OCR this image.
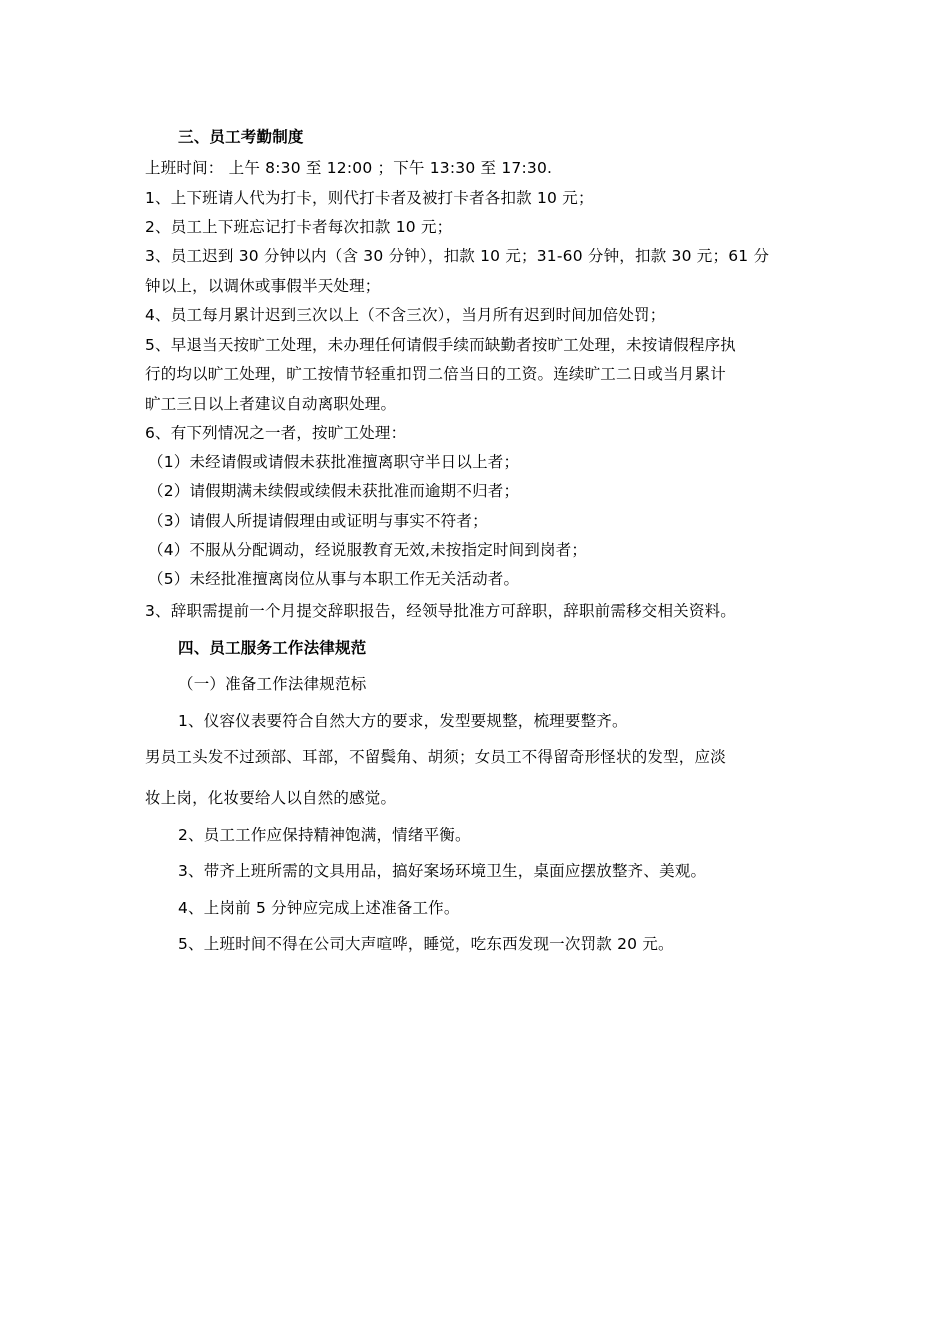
三、员工考勤制度
上班时间： 上午 8:30 至 12:00 ；下午 13:30 至 17:30.
1、上下班请人代为打卡，则代打卡者及被打卡者各扣款 10 元；
2、员工上下班忘记打卡者每次扣款 10 元；
3、员工迟到 30 分钟以内（含 30 分钟），扣款 10 元；31-60 分钟，扣款 30 元；61 分
钟以上，以调休或事假半天处理；
4、员工每月累计迟到三次以上（不含三次），当月所有迟到时间加倍处罚；
5、早退当天按旷工处理，未办理任何请假手续而缺勤者按旷工处理，未按请假程序执
行的均以旷工处理，旷工按情节轻重扣罚二倍当日的工资。连续旷工二日或当月累计
旷工三日以上者建议自动离职处理。
6、有下列情况之一者，按旷工处理：
（1）未经请假或请假未获批准擅离职守半日以上者；
（2）请假期满未续假或续假未获批准而逾期不归者；
（3）请假人所提请假理由或证明与事实不符者；
（4）不服从分配调动，经说服教育无效,未按指定时间到岗者；
（5）未经批准擅离岗位从事与本职工作无关活动者。
3、辞职需提前一个月提交辞职报告，经领导批准方可辞职，辞职前需移交相关资料。
四、员工服务工作法律规范
（一）准备工作法律规范标
1、仪容仪表要符合自然大方的要求，发型要规整，梳理要整齐。
男员工头发不过颈部、耳部，不留鬓角、胡须；女员工不得留奇形怪状的发型，应淡
妆上岗，化妆要给人以自然的感觉。
2、员工工作应保持精神饱满，情绪平衡。
3、带齐上班所需的文具用品，搞好案场环境卫生，桌面应摆放整齐、美观。
4、上岗前 5 分钟应完成上述准备工作。
5、上班时间不得在公司大声喧哗，睡觉，吃东西发现一次罚款 20 元。
